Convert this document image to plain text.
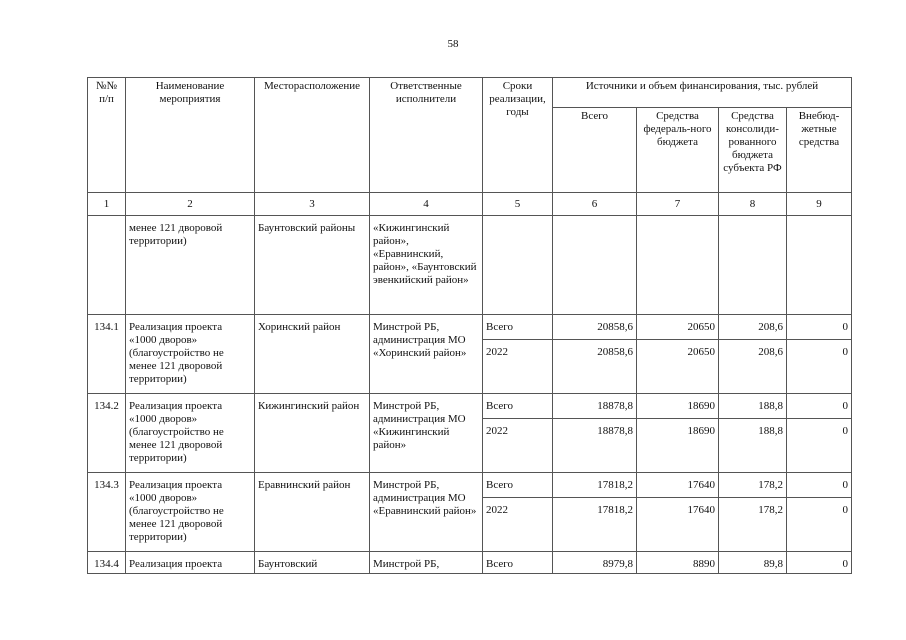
58
№№ п/п	Наименование мероприятия	Месторасположение	Ответственные исполнители	Сроки реализации, годы	Источники и объем финансирования, тыс. рублей			
					Всего	Средства федераль-ного бюджета	Средства консолиди-рованного бюджета субъекта РФ	Внебюд-жетные средства
1	2	3	4	5	6	7	8	9
	менее 121 дворовой территории)	Баунтовский районы	«Кижингинский район», «Еравнинский, район», «Баунтовский эвенкийский район»					
134.1	Реализация проекта «1000 дворов» (благоустройство не менее 121 дворовой территории)	Хоринский район	Минстрой РБ, администрация МО «Хоринский район»	Всего	20858,6	20650	208,6	0
				2022	20858,6	20650	208,6	0
134.2	Реализация проекта «1000 дворов» (благоустройство не менее 121 дворовой территории)	Кижингинский район	Минстрой РБ, администрация МО «Кижингинский район»	Всего	18878,8	18690	188,8	0
				2022	18878,8	18690	188,8	0
134.3	Реализация проекта «1000 дворов» (благоустройство не менее 121 дворовой территории)	Еравнинский район	Минстрой РБ, администрация МО «Еравнинский район»	Всего	17818,2	17640	178,2	0
				2022	17818,2	17640	178,2	0
134.4	Реализация проекта	Баунтовский	Минстрой РБ,	Всего	8979,8	8890	89,8	0
